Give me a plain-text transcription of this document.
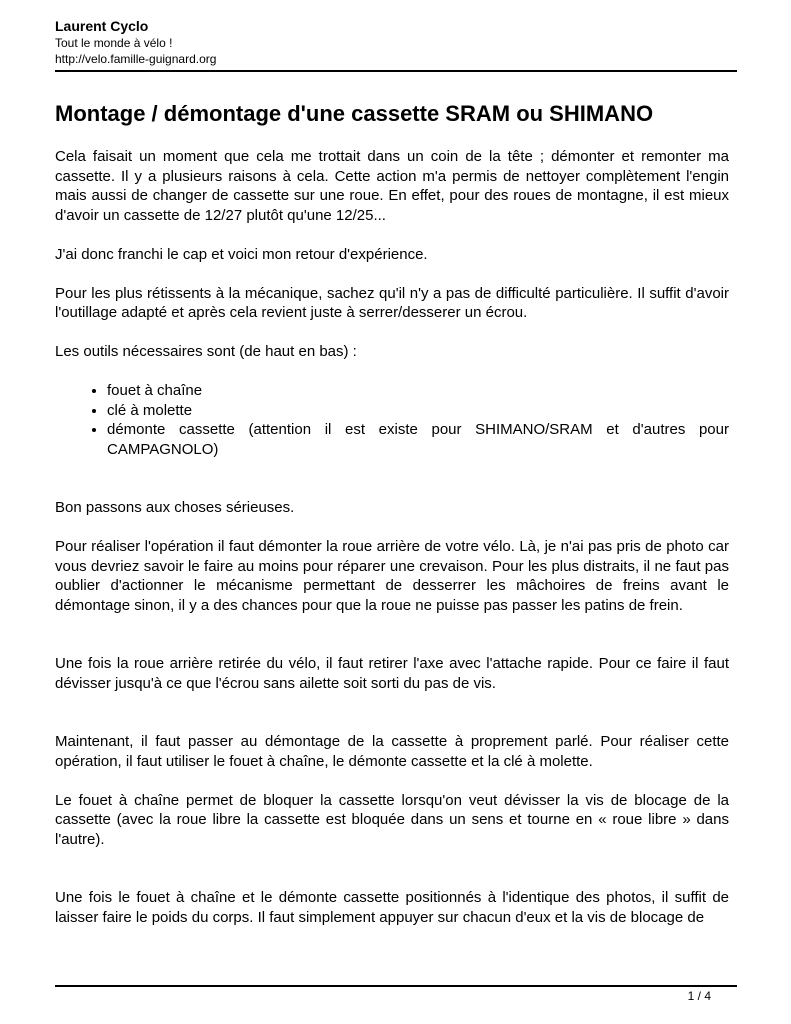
Laurent Cyclo
Tout le monde à vélo !
http://velo.famille-guignard.org
Montage / démontage d'une cassette SRAM ou SHIMANO

Cela faisait un moment que cela me trottait dans un coin de la tête ; démonter et remonter ma cassette. Il y a plusieurs raisons à cela. Cette action m'a permis de nettoyer complètement l'engin mais aussi de changer de cassette sur une roue. En effet, pour des roues de montagne, il est mieux d'avoir un cassette de 12/27 plutôt qu'une 12/25...

J'ai donc franchi le cap et voici mon retour d'expérience.

Pour les plus rétissents à la mécanique, sachez qu'il n'y a pas de difficulté particulière. Il suffit d'avoir l'outillage adapté et après cela revient juste à serrer/desserer un écrou.

Les outils nécessaires sont (de haut en bas) :

• fouet à chaîne
• clé à molette
• démonte cassette (attention il est existe pour SHIMANO/SRAM et d'autres pour CAMPAGNOLO)

Bon passons aux choses sérieuses.

Pour réaliser l'opération il faut démonter la roue arrière de votre vélo. Là, je n'ai pas pris de photo car vous devriez savoir le faire au moins pour réparer une crevaison. Pour les plus distraits, il ne faut pas oublier d'actionner le mécanisme permettant de desserrer les mâchoires de freins avant le démontage sinon, il y a des chances pour que la roue ne puisse pas passer les patins de frein.

Une fois la roue arrière retirée du vélo, il faut retirer l'axe avec l'attache rapide. Pour ce faire il faut dévisser jusqu'à ce que l'écrou sans ailette soit sorti du pas de vis.

Maintenant, il faut passer au démontage de la cassette à proprement parlé. Pour réaliser cette opération, il faut utiliser le fouet à chaîne, le démonte cassette et la clé à molette.

Le fouet à chaîne permet de bloquer la cassette lorsqu'on veut dévisser la vis de blocage de la cassette (avec la roue libre la cassette est bloquée dans un sens et tourne en « roue libre » dans l'autre).

Une fois le fouet à chaîne et le démonte cassette positionnés à l'identique des photos, il suffit de laisser faire le poids du corps. Il faut simplement appuyer sur chacun d'eux et la vis de blocage de

1 / 4
